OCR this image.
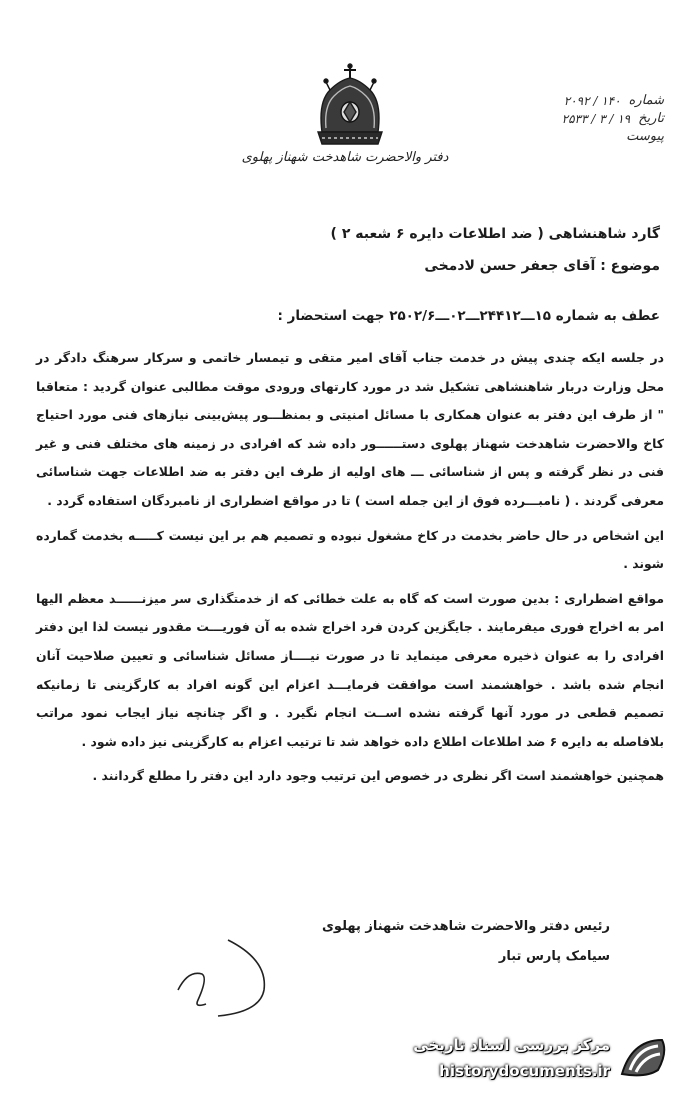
دفتر والاحضرت شاهدخت شهناز پهلوی
شماره
۱۴۰ / ۲۰۹۲
تاریخ
۱۹ / ۳ / ۲۵۳۳
پیوست
گارد شاهنشاهی ( ضد اطلاعات دایره ۶ شعبه ۲ )
موضوع : آقای جعفر حسن لادمخی
عطف به شماره ۱۵ـــ۲۴۴۱۲ـــ۰۲ـــ۲۵۰۲/۶ جهت استحضار :

در جلسه ایکه چندی پیش در خدمت جناب آقای امیر متقی و تیمسار خاتمی و سرکار سرهنگ دادگر در محل وزارت دربار شاهنشاهی تشکیل شد در مورد کارتهای ورودی موقت مطالبی عنوان گردید : متعاقبا " از طرف این دفتر به عنوان همکاری با مسائل امنیتی و بمنظـــور پیش‌بینی نیازهای فنی مورد احتیاج کاخ والاحضرت شاهدخت شهناز پهلوی دستــــــور داده شد که افرادی در زمینه های مختلف فنی و غیر فنی در نظر گرفته و پس از شناسائی ـــ های اولیه از طرف این دفتر به ضد اطلاعات جهت شناسائی معرفی گردند . ( نامبـــرده فوق از این جمله است ) تا در مواقع اضطراری از نامبردگان استفاده گردد .

این اشخاص در حال حاضر بخدمت در کاخ مشغول نبوده و تصمیم هم بر این نیست کـــــه بخدمت گمارده شوند .

مواقع اضطراری : بدین صورت است که گاه به علت خطائی که از خدمتگذاری سر میزنــــــد معظم الیها امر به اخراج فوری میفرمایند . جایگزین کردن فرد اخراج شده به آن فوریـــت مقدور نیست لذا این دفتر افرادی را به عنوان ذخیره معرفی مینماید تا در صورت نیــــاز مسائل شناسائی و تعیین صلاحیت آنان انجام شده باشد . خواهشمند است موافقت فرمایـــد اعزام این گونه افراد به کارگزینی تا زمانیکه تصمیم قطعی در مورد آنها گرفته نشده اســت انجام نگیرد . و اگر چنانچه نیاز ایجاب نمود مراتب بلافاصله به دایره ۶ ضد اطلاعات اطلاع داده خواهد شد تا ترتیب اعزام به کارگزینی نیز داده شود .

همچنین خواهشمند است اگر نظری در خصوص این ترتیب وجود دارد این دفتر را مطلع گردانند .

رئیس دفتر والاحضرت شاهدخت شهناز پهلوی
سیامک پارس تبار
مرکز بررسی اسناد تاریخی
historydocuments.ir
